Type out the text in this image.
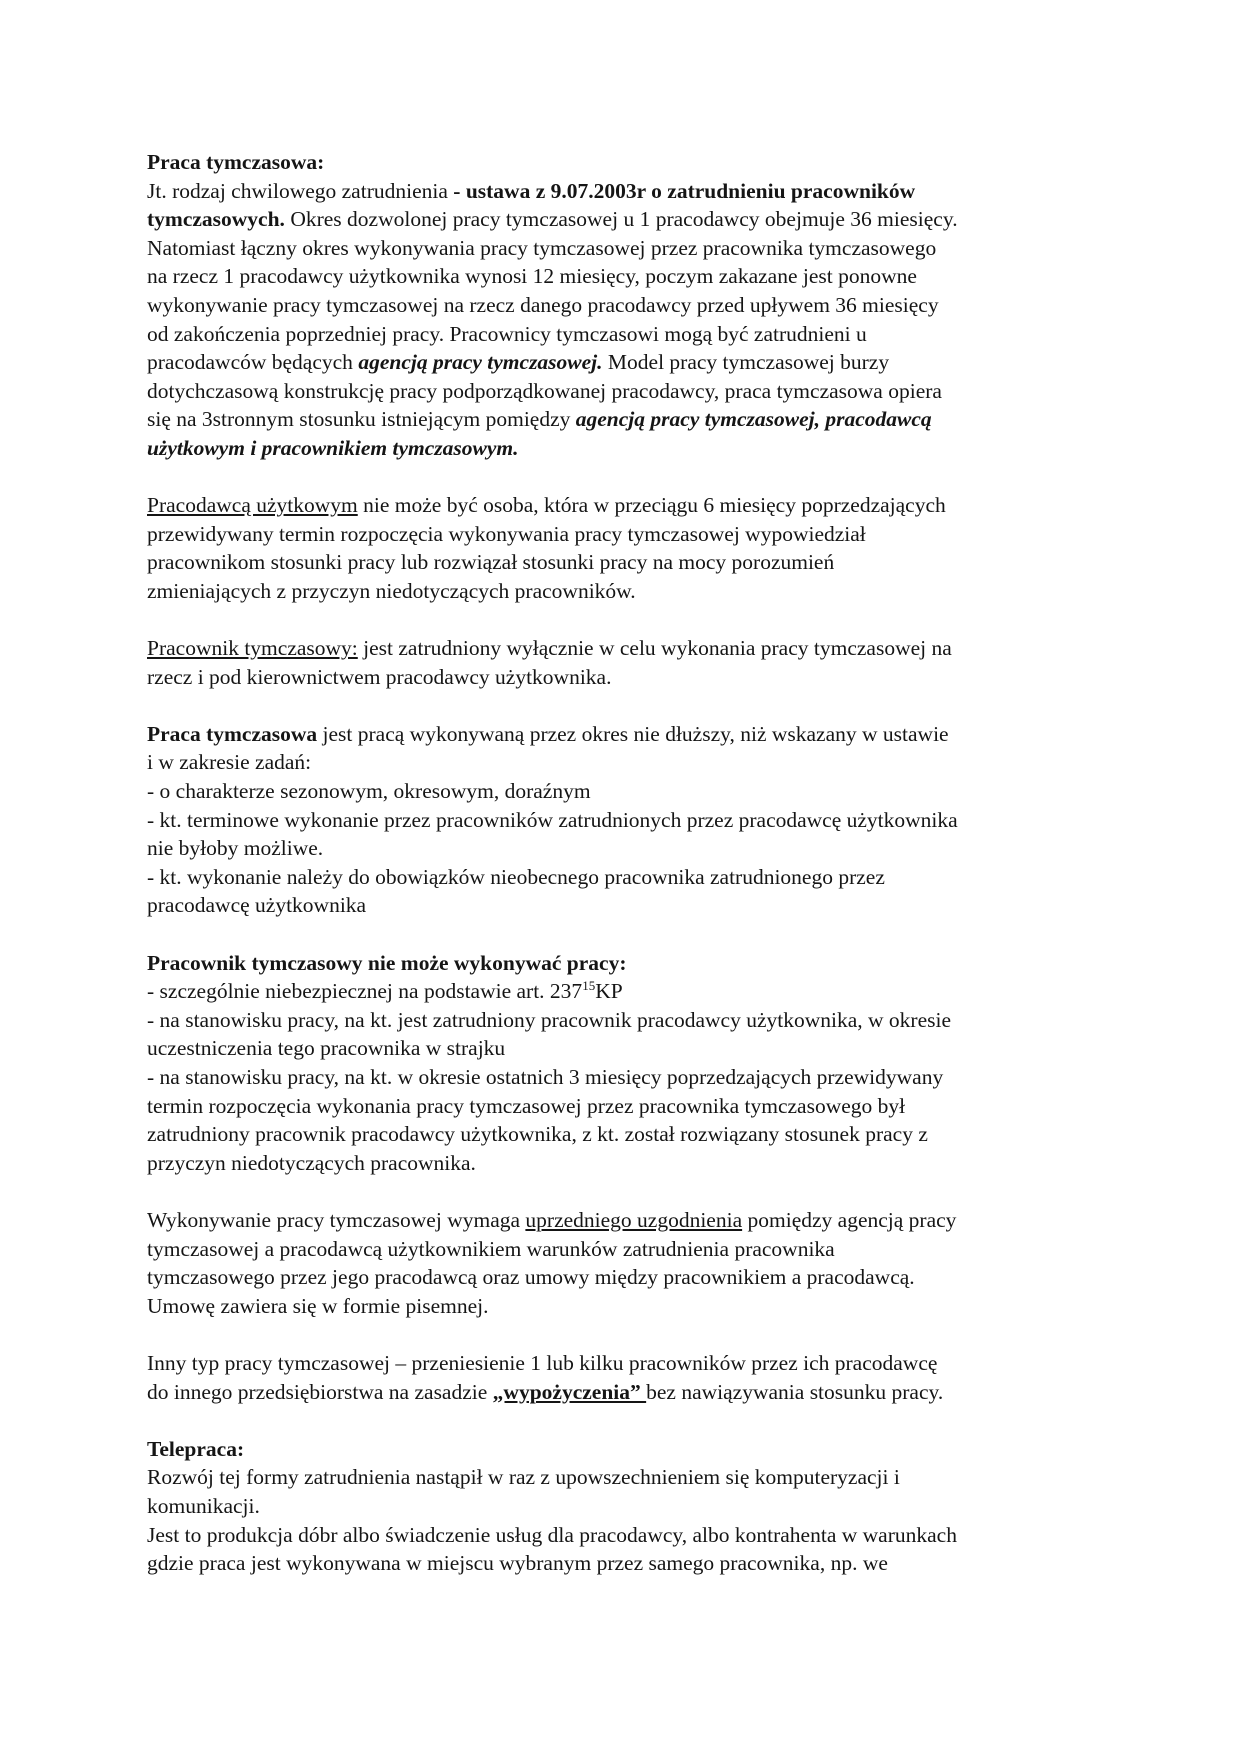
Praca tymczasowa:
Jt. rodzaj chwilowego zatrudnienia - ustawa z 9.07.2003r o zatrudnieniu pracowników
tymczasowych. Okres dozwolonej pracy tymczasowej u 1 pracodawcy obejmuje 36 miesięcy.
Natomiast łączny okres wykonywania pracy tymczasowej przez pracownika tymczasowego
na rzecz 1 pracodawcy użytkownika wynosi 12 miesięcy, poczym zakazane jest ponowne
wykonywanie pracy tymczasowej na rzecz danego pracodawcy przed upływem 36 miesięcy
od zakończenia poprzedniej pracy. Pracownicy tymczasowi mogą być zatrudnieni u
pracodawców będących agencją pracy tymczasowej. Model pracy tymczasowej burzy
dotychczasową konstrukcję pracy podporządkowanej pracodawcy, praca tymczasowa opiera
się na 3stronnym stosunku istniejącym pomiędzy agencją pracy tymczasowej, pracodawcą
użytkowym i pracownikiem tymczasowym.
Pracodawcą użytkowym nie może być osoba, która w przeciągu 6 miesięcy poprzedzających
przewidywany termin rozpoczęcia wykonywania pracy tymczasowej wypowiedział
pracownikom stosunki pracy lub rozwiązał stosunki pracy na mocy porozumień
zmieniających z przyczyn niedotyczących pracowników.
Pracownik tymczasowy: jest zatrudniony wyłącznie w celu wykonania pracy tymczasowej na
rzecz i pod kierownictwem pracodawcy użytkownika.
Praca tymczasowa jest pracą wykonywaną przez okres nie dłuższy, niż wskazany w ustawie
i w zakresie zadań:
- o charakterze sezonowym, okresowym, doraźnym
- kt. terminowe wykonanie przez pracowników zatrudnionych przez pracodawcę użytkownika
nie byłoby możliwe.
- kt. wykonanie należy do obowiązków nieobecnego pracownika zatrudnionego przez
pracodawcę użytkownika
Pracownik tymczasowy nie może wykonywać pracy:
- szczególnie niebezpiecznej na podstawie art. $237^{15}KP$
- na stanowisku pracy, na kt. jest zatrudniony pracownik pracodawcy użytkownika, w okresie
uczestniczenia tego pracownika w strajku
- na stanowisku pracy, na kt. w okresie ostatnich 3 miesięcy poprzedzających przewidywany
termin rozpoczęcia wykonania pracy tymczasowej przez pracownika tymczasowego był
zatrudniony pracownik pracodawcy użytkownika, z kt. został rozwiązany stosunek pracy z
przyczyn niedotyczących pracownika.
Wykonywanie pracy tymczasowej wymaga uprzedniego uzgodnienia pomiędzy agencją pracy
tymczasowej a pracodawcą użytkownikiem warunków zatrudnienia pracownika
tymczasowego przez jego pracodawcą oraz umowy między pracownikiem a pracodawcą.
Umowę zawiera się w formie pisemnej.
Inny typ pracy tymczasowej – przeniesienie 1 lub kilku pracowników przez ich pracodawcę
do innego przedsiębiorstwa na zasadzie „wypożyczenia” bez nawiązywania stosunku pracy.
Telepraca:
Rozwój tej formy zatrudnienia nastąpił w raz z upowszechnieniem się komputeryzacji i
komunikacji.
Jest to produkcja dóbr albo świadczenie usług dla pracodawcy, albo kontrahenta w warunkach
gdzie praca jest wykonywana w miejscu wybranym przez samego pracownika, np. we
